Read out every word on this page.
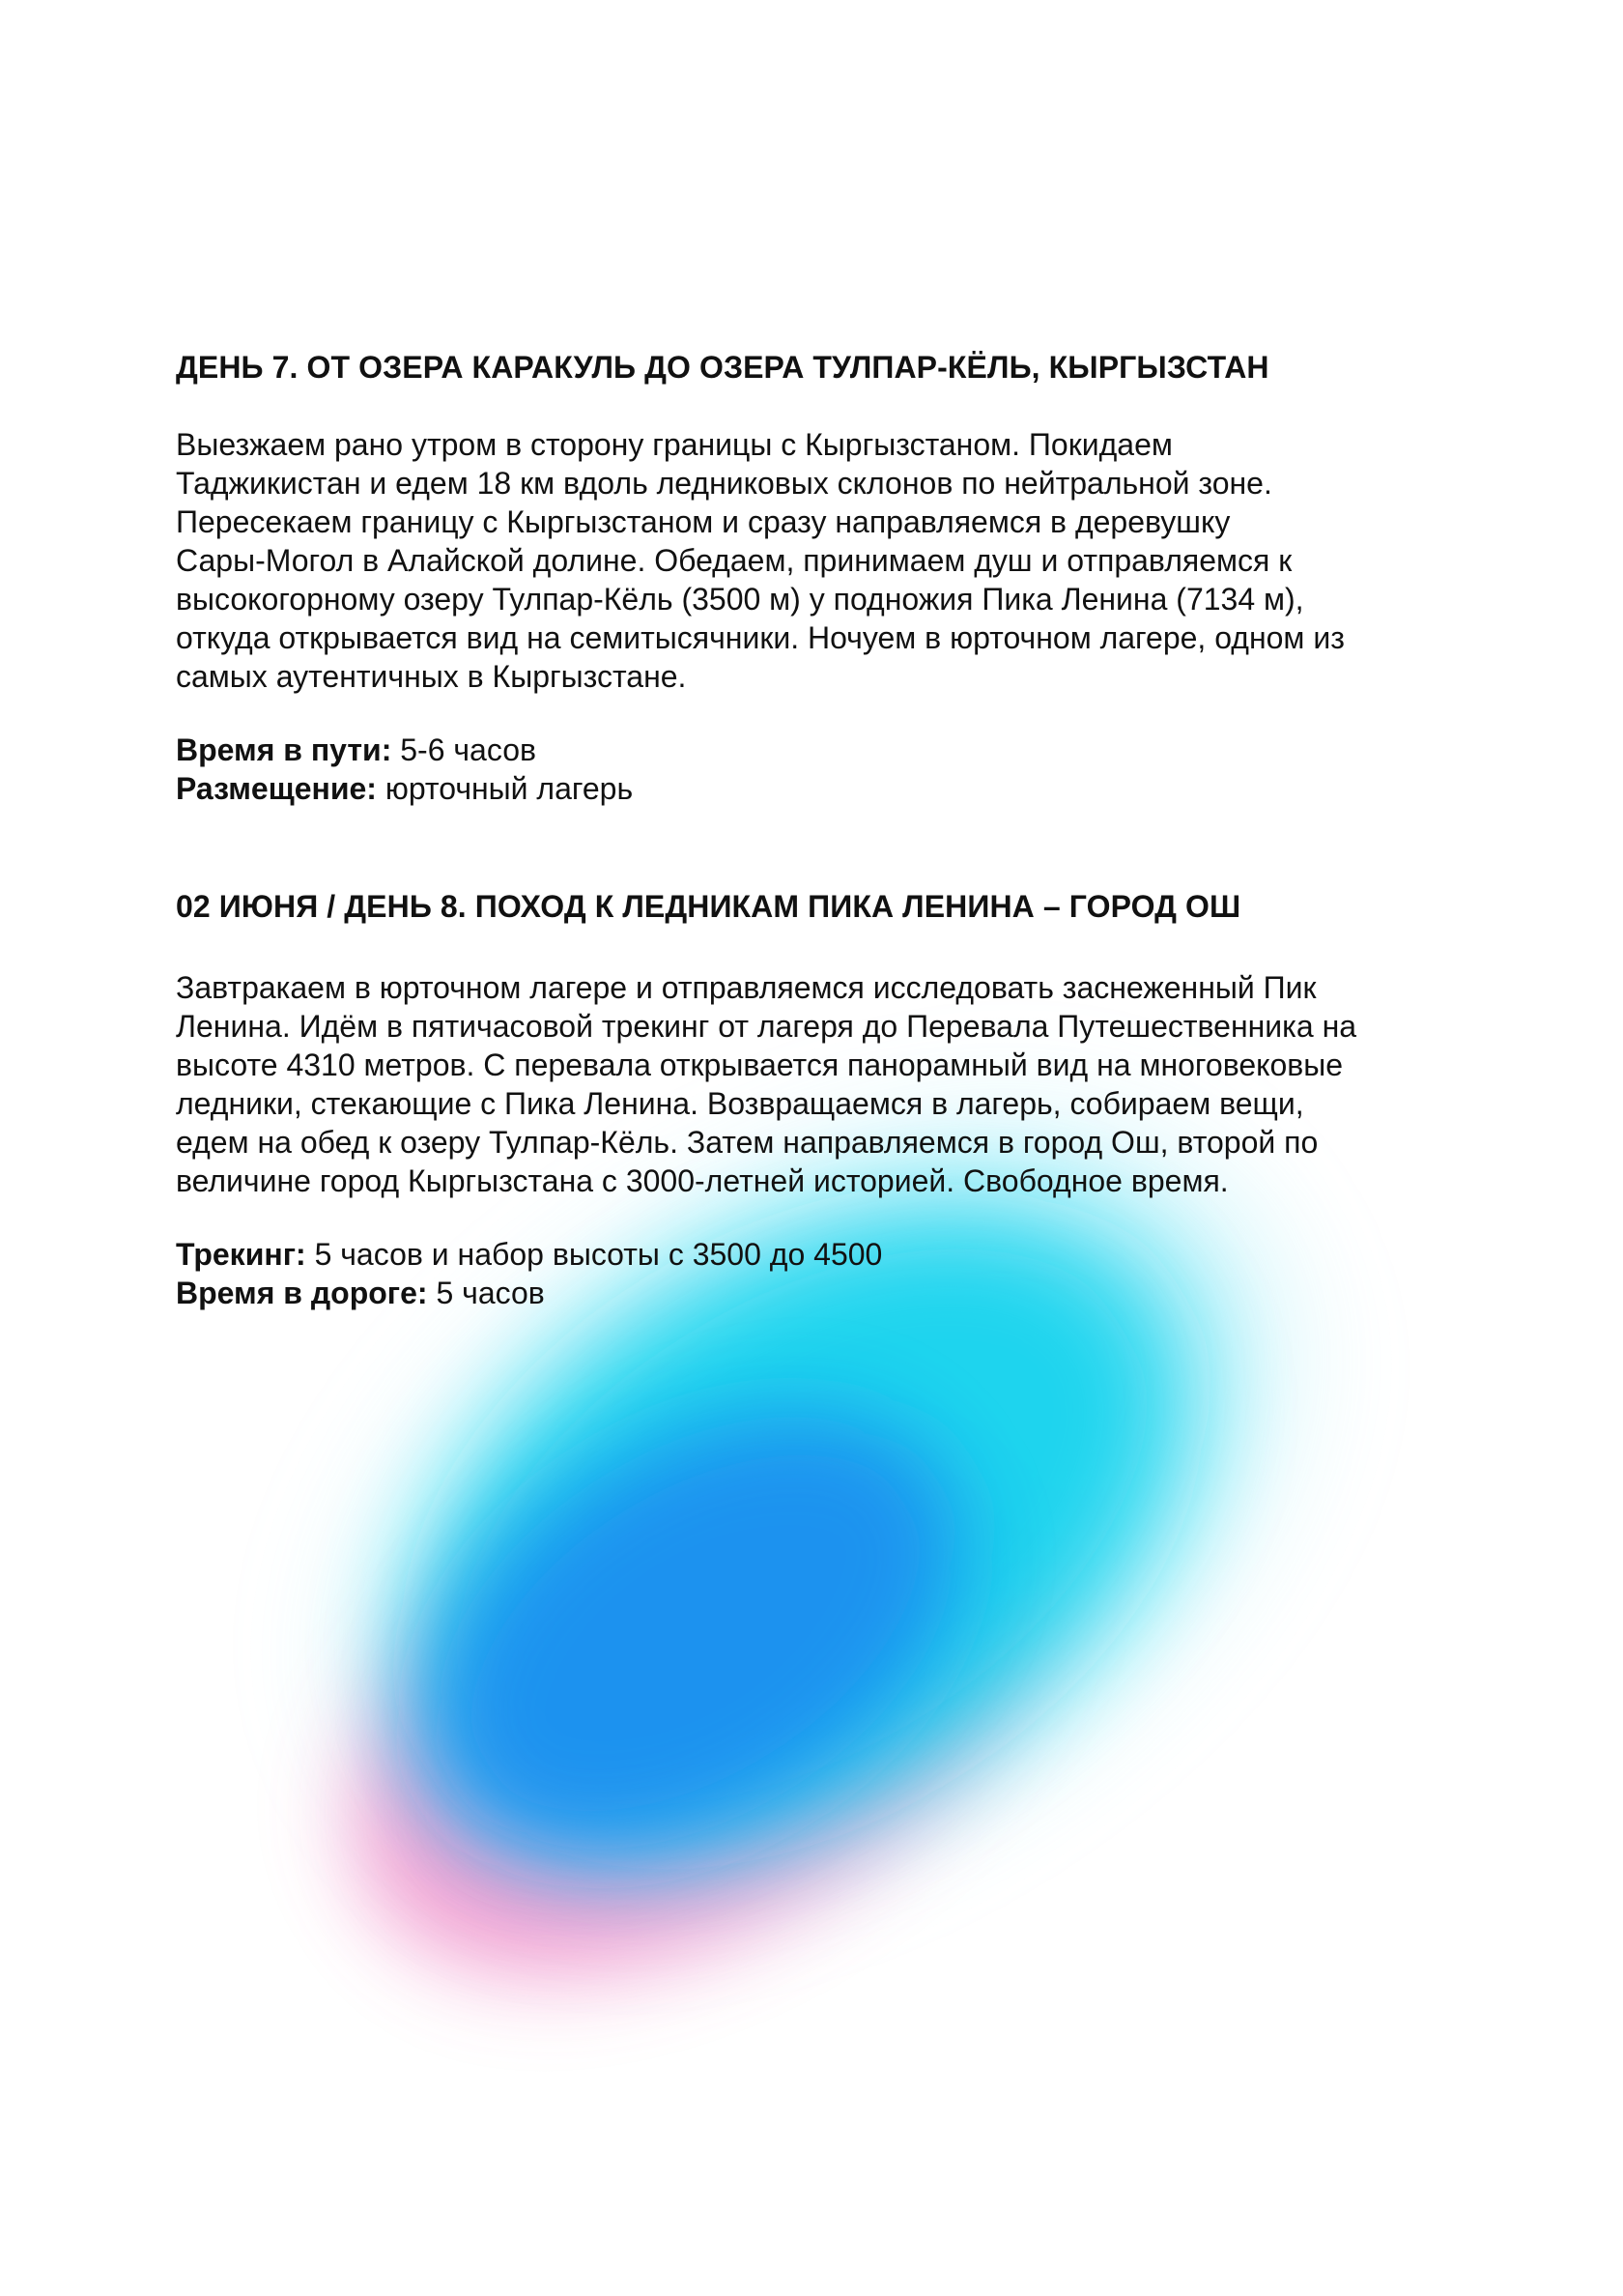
ДЕНЬ 7. ОТ ОЗЕРА КАРАКУЛЬ ДО ОЗЕРА ТУЛПАР-КЁЛЬ, КЫРГЫЗСТАН

Выезжаем рано утром в сторону границы с Кыргызстаном. Покидаем
Таджикистан и едем 18 км вдоль ледниковых склонов по нейтральной зоне.
Пересекаем границу с Кыргызстаном и сразу направляемся в деревушку
Сары-Могол в Алайской долине. Обедаем, принимаем душ и отправляемся к
высокогорному озеру Тулпар-Кёль (3500 м) у подножия Пика Ленина (7134 м),
откуда открывается вид на семитысячники. Ночуем в юрточном лагере, одном из
самых аутентичных в Кыргызстане.

Время в пути: 5-6 часов

Размещение: юрточный лагерь

02 ИЮНЯ / ДЕНЬ 8. ПОХОД К ЛЕДНИКАМ ПИКА ЛЕНИНА – ГОРОД ОШ

Завтракаем в юрточном лагере и отправляемся исследовать заснеженный Пик
Ленина. Идём в пятичасовой трекинг от лагеря до Перевала Путешественника на
высоте 4310 метров. С перевала открывается панорамный вид на многовековые
ледники, стекающие с Пика Ленина. Возвращаемся в лагерь, собираем вещи,
едем на обед к озеру Тулпар-Кёль. Затем направляемся в город Ош, второй по
величине город Кыргызстана с 3000-летней историей. Свободное время.

Трекинг: 5 часов и набор высоты с 3500 до 4500

Время в дороге: 5 часов
